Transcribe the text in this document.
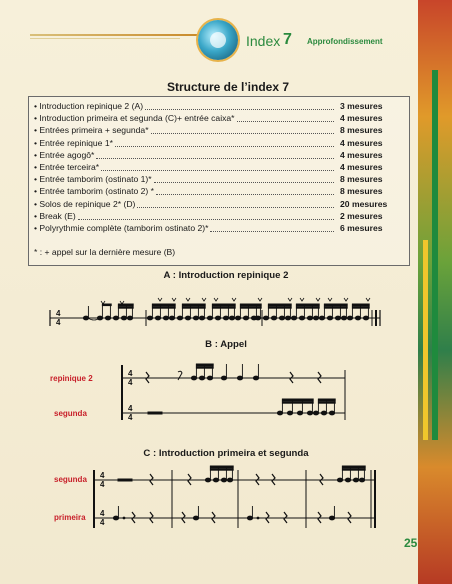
Index 7 Approfondissement
Structure de l’index 7
• Introduction repinique 2 (A)	3 mesures
• Introduction primeira et segunda (C)+ entrée caixa*	4 mesures
• Entrées primeira + segunda*	8 mesures
• Entrée repinique 1*	4 mesures
• Entrée agogô*	4 mesures
• Entrée terceira*	4 mesures
• Entrée tamborim (ostinato 1)*	8 mesures
• Entrée tamborim (ostinato 2) *	8 mesures
• Solos de repinique 2* (D)	20 mesures
• Break (E)	2 mesures
• Polyrythmie complète (tamborim ostinato 2)*	6 mesures
* : + appel sur la dernière mesure (B)
A : Introduction repinique 2
B : Appel
C : Introduction primeira et segunda
repinique 2
segunda
segunda
primeira
25
4
4
4
4
4
4
4
4
4
4
